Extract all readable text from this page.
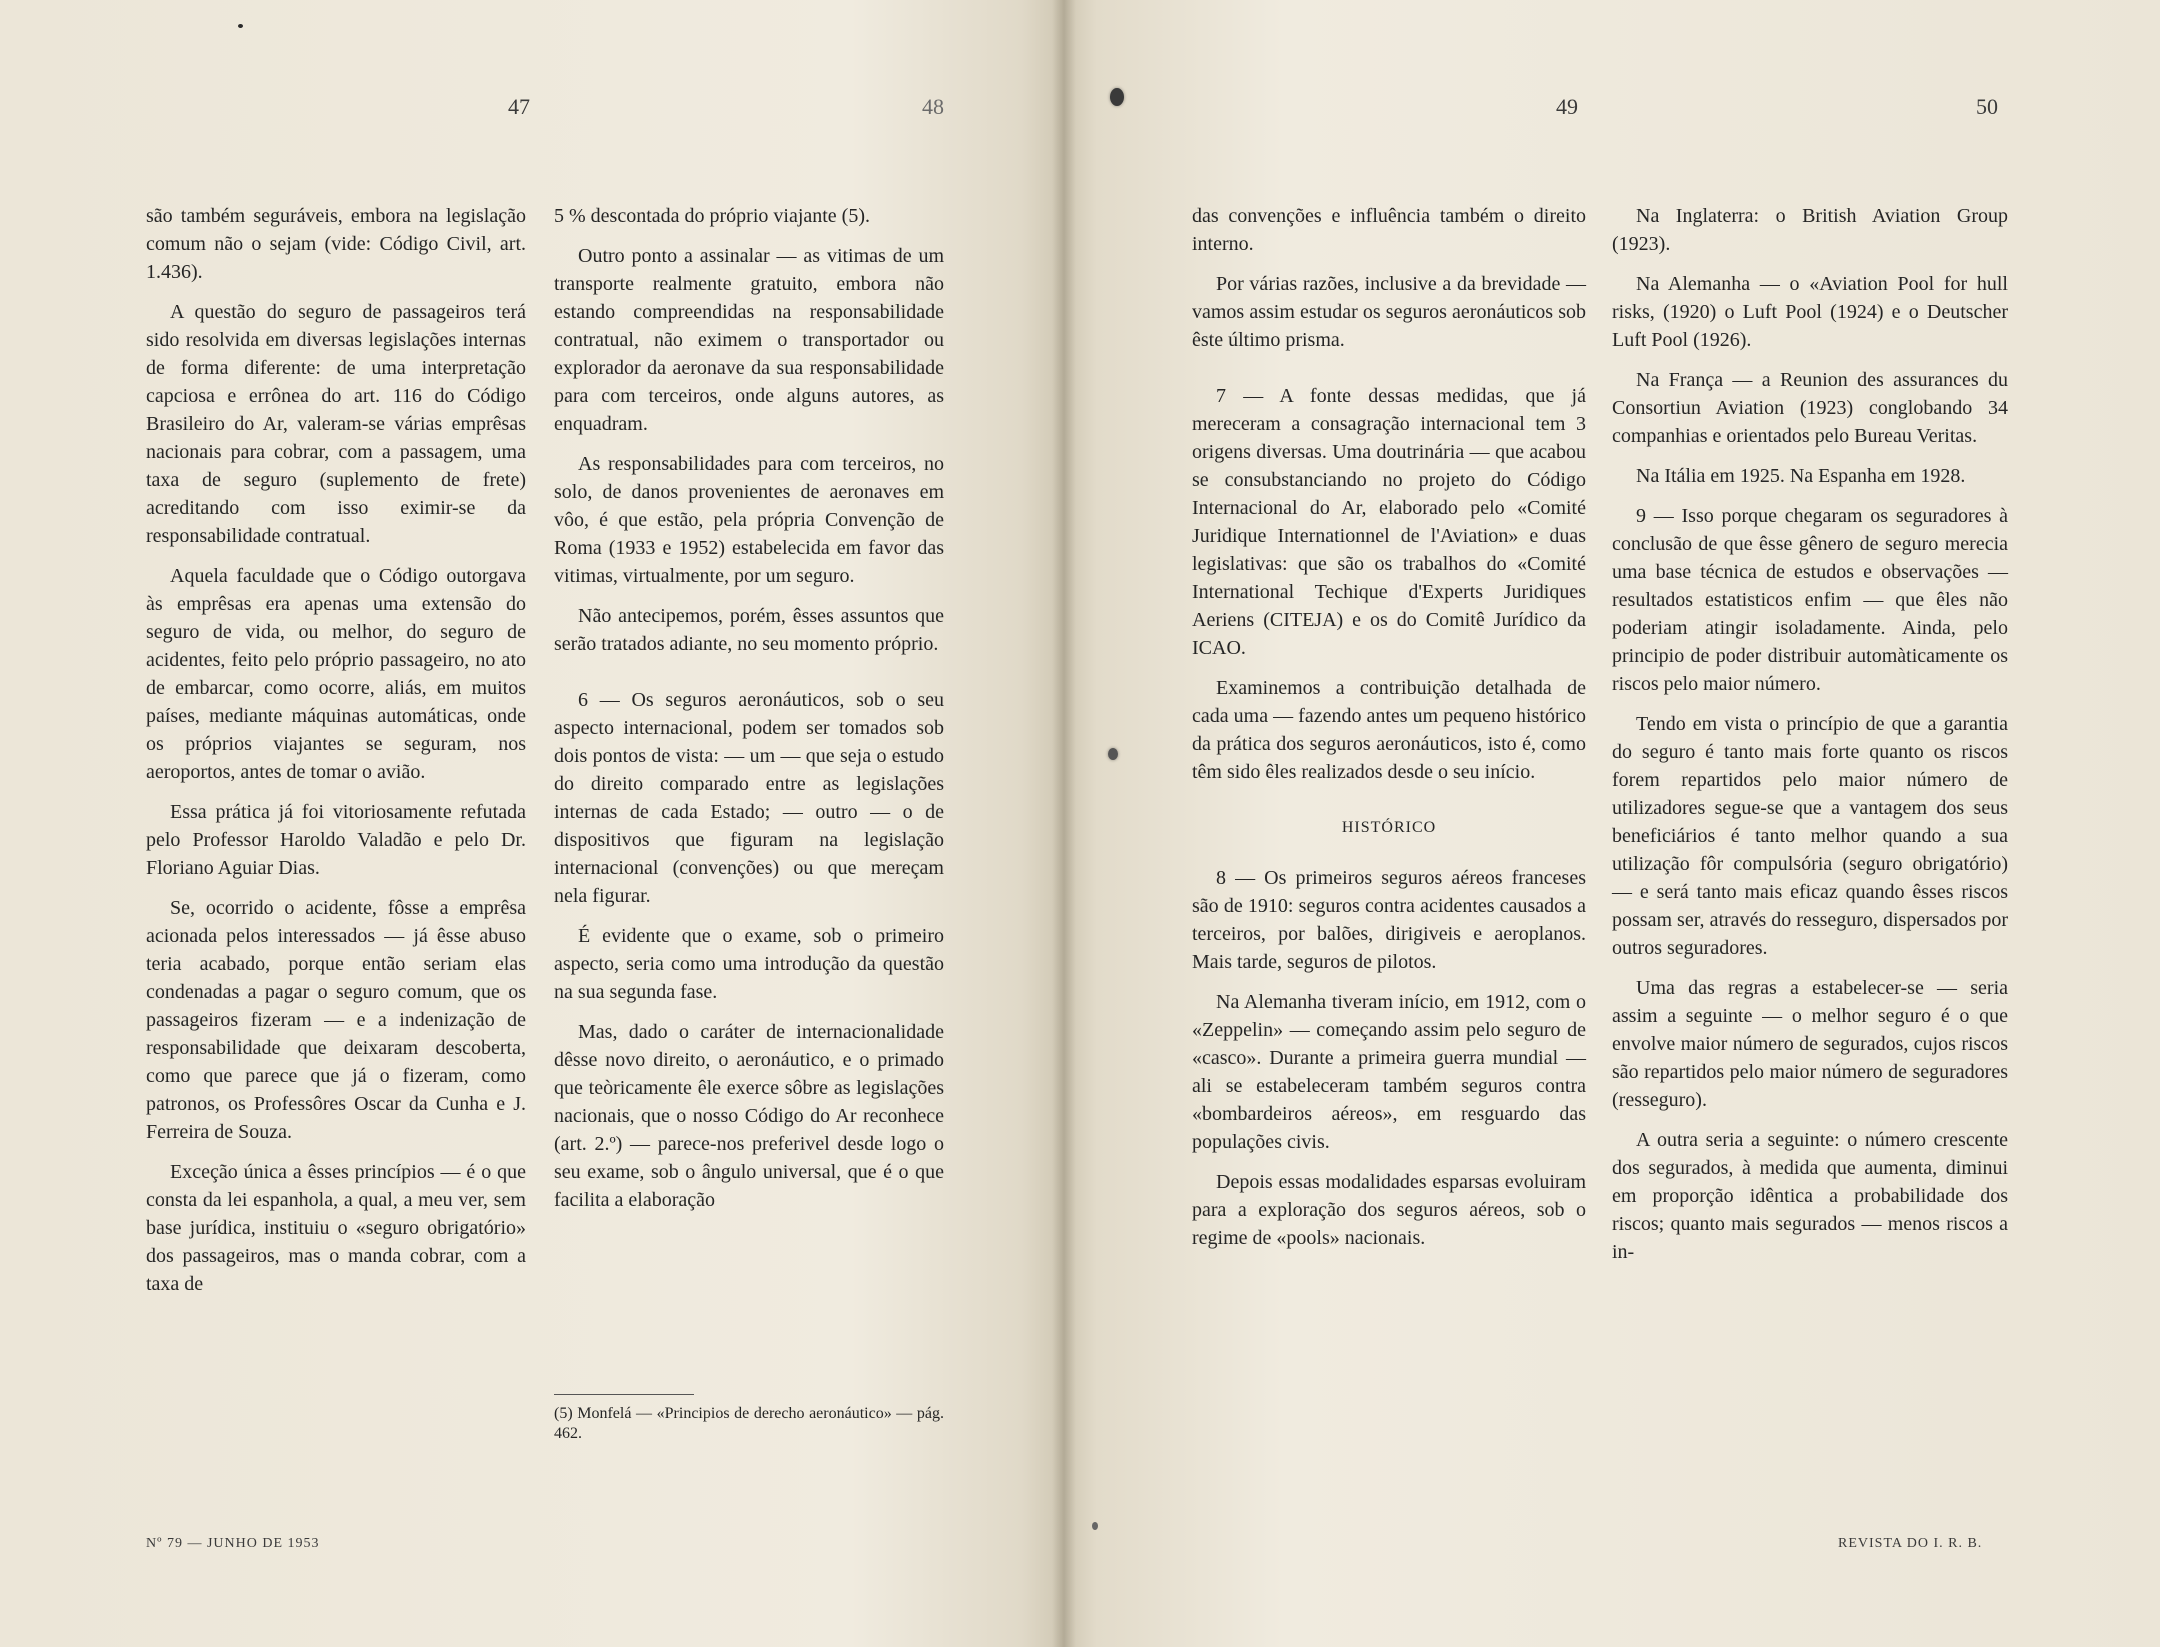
47	48	49	50

são também seguráveis, embora na legislação comum não o sejam (vide: Código Civil, art. 1.436).

A questão do seguro de passageiros terá sido resolvida em diversas legislações internas de forma diferente: de uma interpretação capciosa e errônea do art. 116 do Código Brasileiro do Ar, valeram-se várias emprêsas nacionais para cobrar, com a passagem, uma taxa de seguro (suplemento de frete) acreditando com isso eximir-se da responsabilidade contratual.

Aquela faculdade que o Código outorgava às emprêsas era apenas uma extensão do seguro de vida, ou melhor, do seguro de acidentes, feito pelo próprio passageiro, no ato de embarcar, como ocorre, aliás, em muitos países, mediante máquinas automáticas, onde os próprios viajantes se seguram, nos aeroportos, antes de tomar o avião.

Essa prática já foi vitoriosamente refutada pelo Professor Haroldo Valadão e pelo Dr. Floriano Aguiar Dias.

Se, ocorrido o acidente, fôsse a emprêsa acionada pelos interessados — já êsse abuso teria acabado, porque então seriam elas condenadas a pagar o seguro comum, que os passageiros fizeram — e a indenização de responsabilidade que deixaram descoberta, como que parece que já o fizeram, como patronos, os Professôres Oscar da Cunha e J. Ferreira de Souza.

Exceção única a êsses princípios — é o que consta da lei espanhola, a qual, a meu ver, sem base jurídica, instituiu o «seguro obrigatório» dos passageiros, mas o manda cobrar, com a taxa de

5 % descontada do próprio viajante (5).

Outro ponto a assinalar — as vitimas de um transporte realmente gratuito, embora não estando compreendidas na responsabilidade contratual, não eximem o transportador ou explorador da aeronave da sua responsabilidade para com terceiros, onde alguns autores, as enquadram.

As responsabilidades para com terceiros, no solo, de danos provenientes de aeronaves em vôo, é que estão, pela própria Convenção de Roma (1933 e 1952) estabelecida em favor das vitimas, virtualmente, por um seguro.

Não antecipemos, porém, êsses assuntos que serão tratados adiante, no seu momento próprio.

6 — Os seguros aeronáuticos, sob o seu aspecto internacional, podem ser tomados sob dois pontos de vista: — um — que seja o estudo do direito comparado entre as legislações internas de cada Estado; — outro — o de dispositivos que figuram na legislação internacional (convenções) ou que mereçam nela figurar.

É evidente que o exame, sob o primeiro aspecto, seria como uma introdução da questão na sua segunda fase.

Mas, dado o caráter de internacionalidade dêsse novo direito, o aeronáutico, e o primado que teòricamente êle exerce sôbre as legislações nacionais, que o nosso Código do Ar reconhece (art. 2.º) — parece-nos preferivel desde logo o seu exame, sob o ângulo universal, que é o que facilita a elaboração

(5) Monfelá — «Principios de derecho aeronáutico» — pág. 462.

das convenções e influência também o direito interno.

Por várias razões, inclusive a da brevidade — vamos assim estudar os seguros aeronáuticos sob êste último prisma.

7 — A fonte dessas medidas, que já mereceram a consagração internacional tem 3 origens diversas. Uma doutrinária — que acabou se consubstanciando no projeto do Código Internacional do Ar, elaborado pelo «Comité Juridique Internationnel de l'Aviation» e duas legislativas: que são os trabalhos do «Comité International Techique d'Experts Juridiques Aeriens (CITEJA) e os do Comitê Jurídico da ICAO.

Examinemos a contribuição detalhada de cada uma — fazendo antes um pequeno histórico da prática dos seguros aeronáuticos, isto é, como têm sido êles realizados desde o seu início.

HISTÓRICO

8 — Os primeiros seguros aéreos franceses são de 1910: seguros contra acidentes causados a terceiros, por balões, dirigiveis e aeroplanos. Mais tarde, seguros de pilotos.

Na Alemanha tiveram início, em 1912, com o «Zeppelin» — começando assim pelo seguro de «casco». Durante a primeira guerra mundial — ali se estabeleceram também seguros contra «bombardeiros aéreos», em resguardo das populações civis.

Depois essas modalidades esparsas evoluiram para a exploração dos seguros aéreos, sob o regime de «pools» nacionais.

Na Inglaterra: o British Aviation Group (1923).

Na Alemanha — o «Aviation Pool for hull risks, (1920) o Luft Pool (1924) e o Deutscher Luft Pool (1926).

Na França — a Reunion des assurances du Consortiun Aviation (1923) conglobando 34 companhias e orientados pelo Bureau Veritas.

Na Itália em 1925. Na Espanha em 1928.

9 — Isso porque chegaram os seguradores à conclusão de que êsse gênero de seguro merecia uma base técnica de estudos e observações — resultados estatisticos enfim — que êles não poderiam atingir isoladamente. Ainda, pelo principio de poder distribuir automàticamente os riscos pelo maior número.

Tendo em vista o princípio de que a garantia do seguro é tanto mais forte quanto os riscos forem repartidos pelo maior número de utilizadores segue-se que a vantagem dos seus beneficiários é tanto melhor quando a sua utilização fôr compulsória (seguro obrigatório) — e será tanto mais eficaz quando êsses riscos possam ser, através do resseguro, dispersados por outros seguradores.

Uma das regras a estabelecer-se — seria assim a seguinte — o melhor seguro é o que envolve maior número de segurados, cujos riscos são repartidos pelo maior número de seguradores (resseguro).

A outra seria a seguinte: o número crescente dos segurados, à medida que aumenta, diminui em proporção idêntica a probabilidade dos riscos; quanto mais segurados — menos riscos a in-

Nº 79 — JUNHO DE 1953	REVISTA DO I. R. B.
